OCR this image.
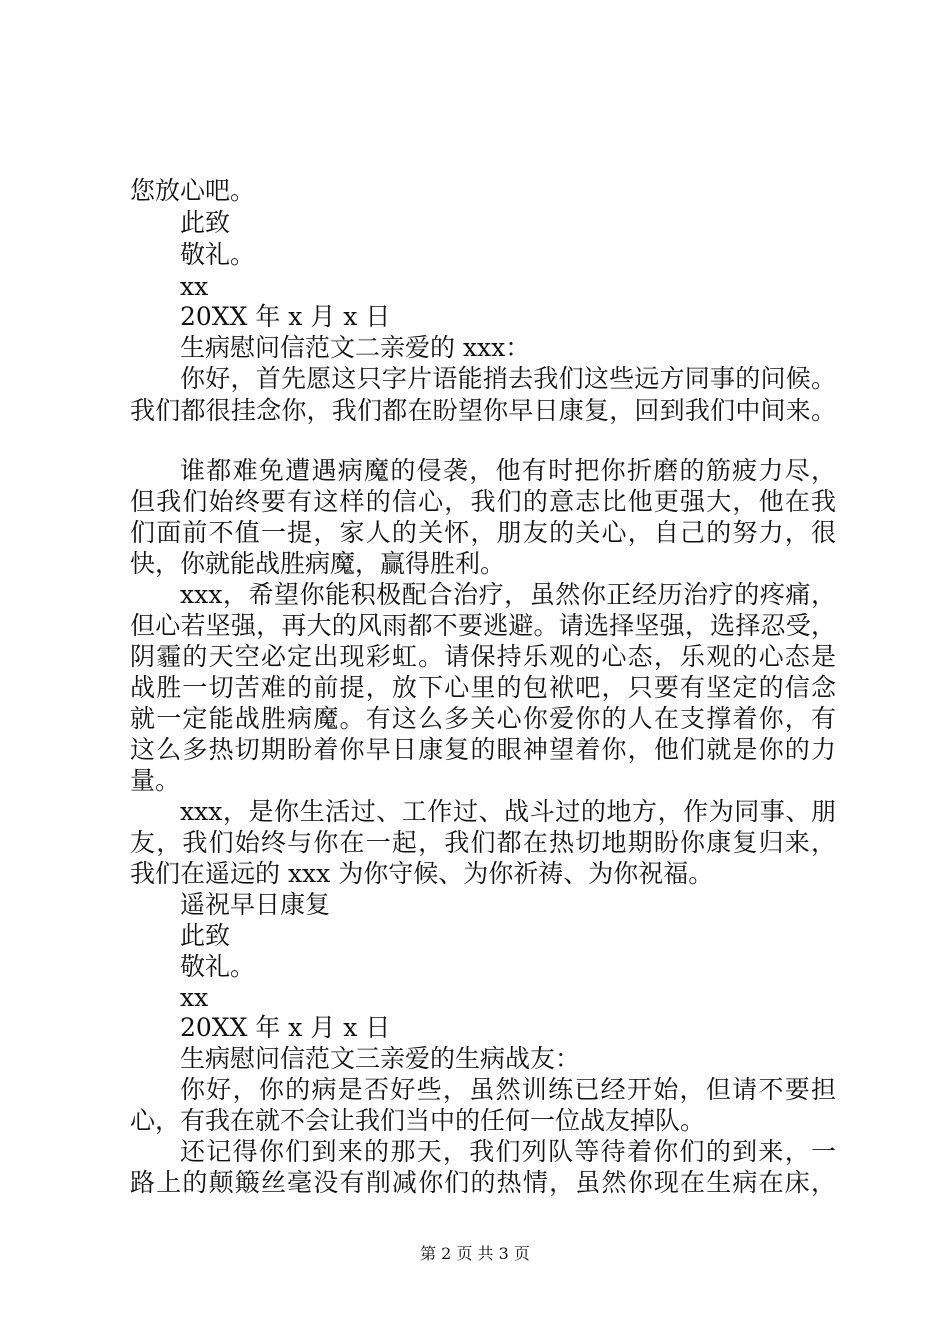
您放心吧。
此致
敬礼。
xx
20XX 年 x 月 x 日
生病慰问信范文二亲爱的 xxx：
你好，首先愿这只字片语能捎去我们这些远方同事的问候。
我们都很挂念你，我们都在盼望你早日康复，回到我们中间来。
谁都难免遭遇病魔的侵袭，他有时把你折磨的筋疲力尽，
但我们始终要有这样的信心，我们的意志比他更强大，他在我
们面前不值一提，家人的关怀，朋友的关心，自己的努力，很
快，你就能战胜病魔，赢得胜利。
xxx，希望你能积极配合治疗，虽然你正经历治疗的疼痛，
但心若坚强，再大的风雨都不要逃避。请选择坚强，选择忍受，
阴霾的天空必定出现彩虹。请保持乐观的心态，乐观的心态是
战胜一切苦难的前提，放下心里的包袱吧，只要有坚定的信念
就一定能战胜病魔。有这么多关心你爱你的人在支撑着你，有
这么多热切期盼着你早日康复的眼神望着你，他们就是你的力
量。
xxx，是你生活过、工作过、战斗过的地方，作为同事、朋
友，我们始终与你在一起，我们都在热切地期盼你康复归来，
我们在遥远的 xxx 为你守候、为你祈祷、为你祝福。
遥祝早日康复
此致
敬礼。
xx
20XX 年 x 月 x 日
生病慰问信范文三亲爱的生病战友：
你好，你的病是否好些，虽然训练已经开始，但请不要担
心，有我在就不会让我们当中的任何一位战友掉队。
还记得你们到来的那天，我们列队等待着你们的到来，一
路上的颠簸丝毫没有削减你们的热情，虽然你现在生病在床，
第 2 页 共 3 页
